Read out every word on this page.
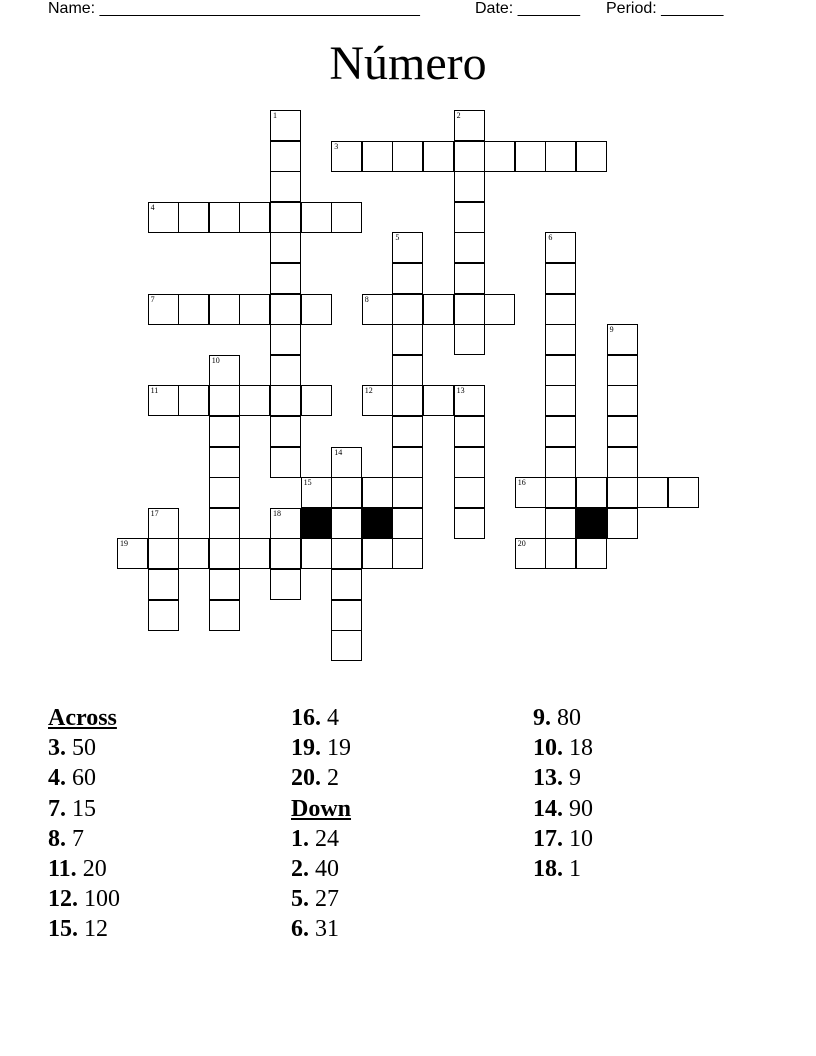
Name: ____________________________________	Date: _______ Period: _______
Número
1	2
3
4
5	6
7	8
9
10
11	12	13
14
15	16
17	18
19	20
Across
3. 50
4. 60
7. 15
8. 7
11. 20
12. 100
15. 12
16. 4
19. 19
20. 2
Down
1. 24
2. 40
5. 27
6. 31
9. 80
10. 18
13. 9
14. 90
17. 10
18. 1
